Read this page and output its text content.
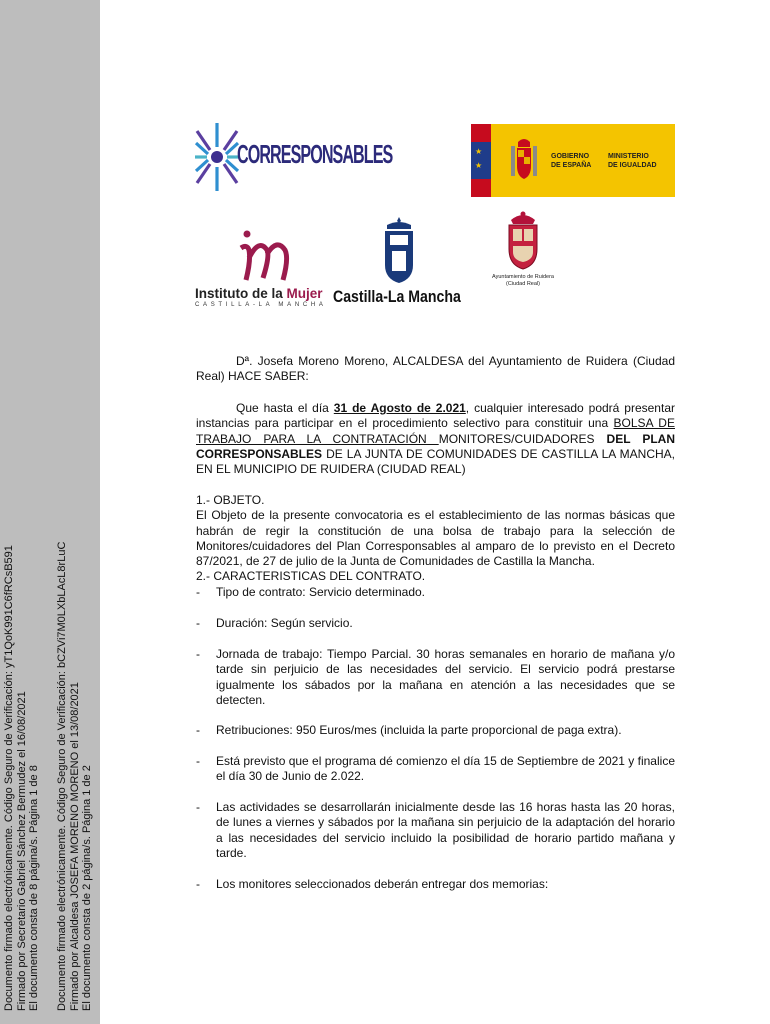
Documento firmado electrónicamente. Código Seguro de Verificación: yT1QoK991C6fRCsB591 Firmado por Secretario Gabriel Sánchez Bermudez el 16/08/2021 El documento consta de 8 página/s. Página 1 de 8 Documento firmado electrónicamente. Código Seguro de Verificación: bCZVi7M0LXbLAcL8rLuC Firmado por Alcaldesa JOSEFA MORENO MORENO el 13/08/2021 El documento consta de 2 página/s. Página 1 de 2
CORRESPONSABLES	★
★
GOBIERNO
DE ESPAÑA
MINISTERIO
DE IGUALDAD
Instituto de la Mujer
CASTILLA-LA MANCHA Castilla-La Mancha
Ayuntamiento de Ruidera
(Ciudad Real)

Dª. Josefa Moreno Moreno, ALCALDESA del Ayuntamiento de Ruidera (Ciudad Real) HACE SABER:

Que hasta el día 31 de Agosto de 2.021, cualquier interesado podrá presentar instancias para participar en el procedimiento selectivo para constituir una BOLSA DE TRABAJO PARA LA CONTRATACIÓN MONITORES/CUIDADORES DEL PLAN CORRESPONSABLES DE LA JUNTA DE COMUNIDADES DE CASTILLA LA MANCHA, EN EL MUNICIPIO DE RUIDERA (CIUDAD REAL)

1.- OBJETO.

El Objeto de la presente convocatoria es el establecimiento de las normas básicas que habrán de regir la constitución de una bolsa de trabajo para la selección de Monitores/cuidadores del Plan Corresponsables al amparo de lo previsto en el Decreto 87/2021, de 27 de julio de la Junta de Comunidades de Castilla la Mancha.

2.- CARACTERISTICAS DEL CONTRATO.

- Tipo de contrato: Servicio determinado.
- Duración: Según servicio.
- Jornada de trabajo: Tiempo Parcial. 30 horas semanales en horario de mañana y/o tarde sin perjuicio de las necesidades del servicio. El servicio podrá prestarse igualmente los sábados por la mañana en atención a las necesidades que se detecten.
- Retribuciones: 950 Euros/mes (incluida la parte proporcional de paga extra).
- Está previsto que el programa dé comienzo el día 15 de Septiembre de 2021 y finalice el día 30 de Junio de 2.022.
- Las actividades se desarrollarán inicialmente desde las 16 horas hasta las 20 horas, de lunes a viernes y sábados por la mañana sin perjuicio de la adaptación del horario a las necesidades del servicio incluido la posibilidad de horario partido mañana y tarde.
- Los monitores seleccionados deberán entregar dos memorias:
